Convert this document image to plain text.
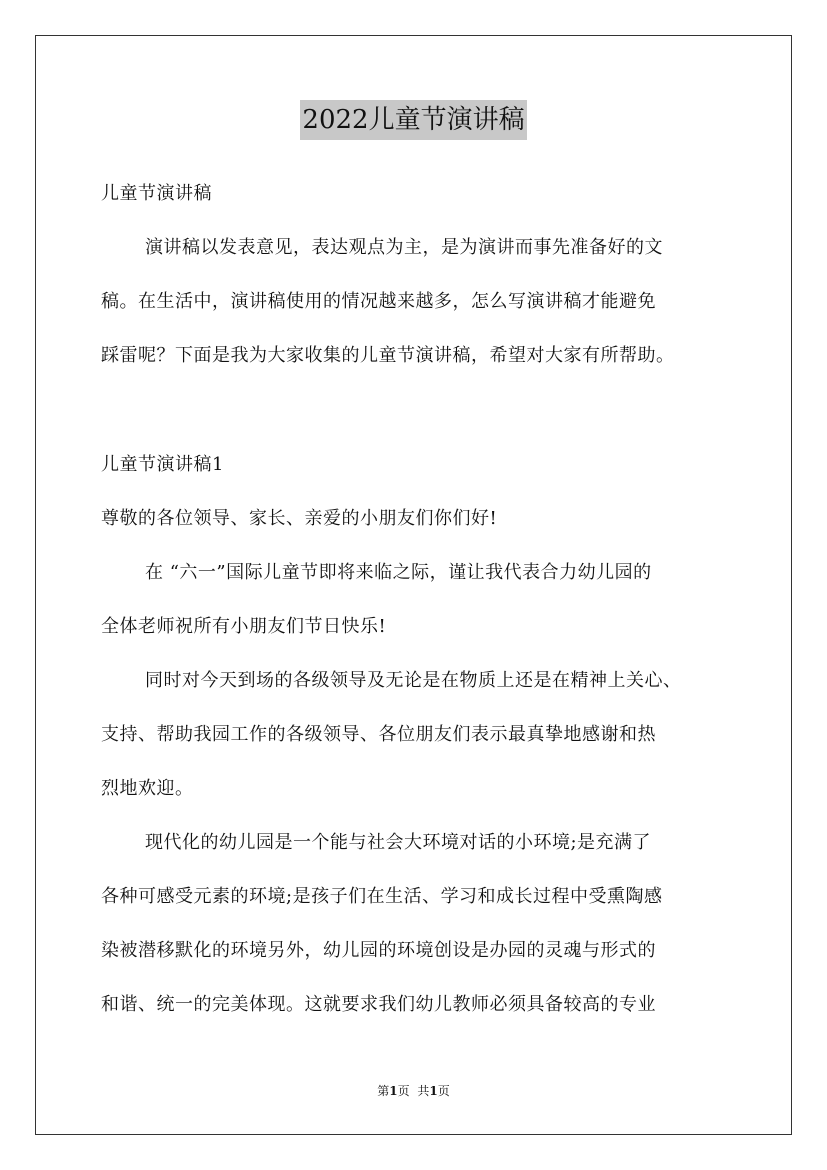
2022儿童节演讲稿
儿童节演讲稿
演讲稿以发表意见，表达观点为主，是为演讲而事先准备好的文
稿。在生活中，演讲稿使用的情况越来越多，怎么写演讲稿才能避免
踩雷呢？下面是我为大家收集的儿童节演讲稿，希望对大家有所帮助。
儿童节演讲稿1
尊敬的各位领导、家长、亲爱的小朋友们你们好!
在 “六一”国际儿童节即将来临之际，谨让我代表合力幼儿园的
全体老师祝所有小朋友们节日快乐!
同时对今天到场的各级领导及无论是在物质上还是在精神上关心、
支持、帮助我园工作的各级领导、各位朋友们表示最真挚地感谢和热
烈地欢迎。
现代化的幼儿园是一个能与社会大环境对话的小环境;是充满了
各种可感受元素的环境;是孩子们在生活、学习和成长过程中受熏陶感
染被潜移默化的环境另外，幼儿园的环境创设是办园的灵魂与形式的
和谐、统一的完美体现。这就要求我们幼儿教师必须具备较高的专业
第1页 共1页
